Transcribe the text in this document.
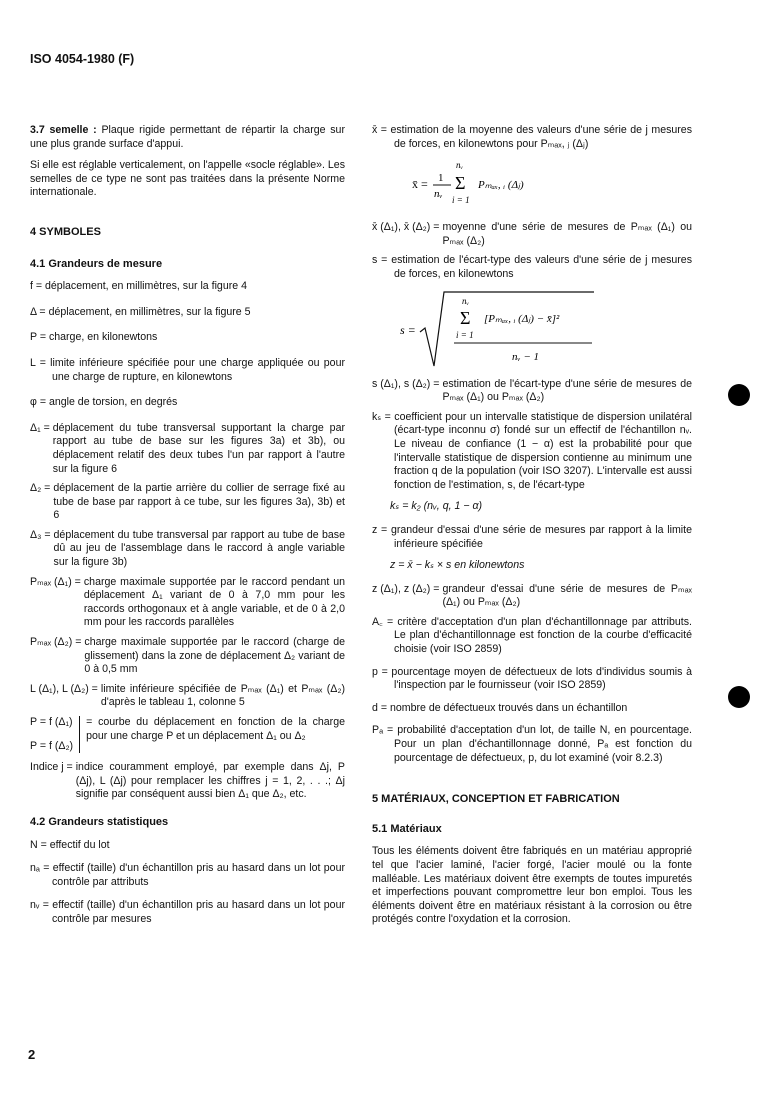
ISO 4054-1980 (F)

3.7 semelle : Plaque rigide permettant de répartir la charge sur une plus grande surface d'appui.

Si elle est réglable verticalement, on l'appelle «socle réglable». Les semelles de ce type ne sont pas traitées dans la présente Norme internationale.

4 SYMBOLES
4.1 Grandeurs de mesure

f = déplacement, en millimètres, sur la figure 4

Δ = déplacement, en millimètres, sur la figure 5

P = charge, en kilonewtons

L = limite inférieure spécifiée pour une charge appliquée ou pour une charge de rupture, en kilonewtons

φ = angle de torsion, en degrés

Δ₁ = déplacement du tube transversal supportant la charge par rapport au tube de base sur les figures 3a) et 3b), ou déplacement relatif des deux tubes l'un par rapport à l'autre sur la figure 6
Δ₂ = déplacement de la partie arrière du collier de serrage fixé au tube de base par rapport à ce tube, sur les figures 3a), 3b) et 6
Δ₃ = déplacement du tube transversal par rapport au tube de base dû au jeu de l'assemblage dans le raccord à angle variable sur la figure 3b)
Pₘₐₓ (Δ₁) = charge maximale supportée par le raccord pendant un déplacement Δ₁ variant de 0 à 7,0 mm pour les raccords orthogonaux et à angle variable, et de 0 à 2,0 mm pour les raccords parallèles
Pₘₐₓ (Δ₂) = charge maximale supportée par le raccord (charge de glissement) dans la zone de déplacement Δ₂ variant de 0 à 0,5 mm
L (Δ₁), L (Δ₂) = limite inférieure spécifiée de Pₘₐₓ (Δ₁) et Pₘₐₓ (Δ₂) d'après le tableau 1, colonne 5
P = f (Δ₁)
P = f (Δ₂)
= courbe du déplacement en fonction de la charge pour une charge P et un déplacement Δ₁ ou Δ₂
Indice j = indice couramment employé, par exemple dans Δj, P (Δj), L (Δj) pour remplacer les chiffres j = 1, 2, . . .; Δj signifie par conséquent aussi bien Δ₁ que Δ₂, etc.
4.2 Grandeurs statistiques

N = effectif du lot

nₐ = effectif (taille) d'un échantillon pris au hasard dans un lot pour contrôle par attributs

nᵥ = effectif (taille) d'un échantillon pris au hasard dans un lot pour contrôle par mesures

x̄ = estimation de la moyenne des valeurs d'une série de j mesures de forces, en kilonewtons pour Pₘₐₓ, ⱼ (Δⱼ)

x̄ = 1
nᵥ
nᵥ
Σ
i = 1
Pₘₐₓ, ᵢ (Δⱼ)
x̄ (Δ₁), x̄ (Δ₂) = moyenne d'une série de mesures de Pₘₐₓ (Δ₁) ou Pₘₐₓ (Δ₂)

s = estimation de l'écart-type des valeurs d'une série de j mesures de forces, en kilonewtons

s =
nᵥ
Σ
i = 1
[Pₘₐₓ, ᵢ (Δⱼ) − x̄]²
nᵥ − 1
s (Δ₁), s (Δ₂) = estimation de l'écart-type d'une série de mesures de Pₘₐₓ (Δ₁) ou Pₘₐₓ (Δ₂)

kₛ = coefficient pour un intervalle statistique de dispersion unilatéral (écart-type inconnu σ) fondé sur un effectif de l'échantillon nᵥ. Le niveau de confiance (1 − α) est la probabilité pour que l'intervalle statistique de dispersion contienne au minimum une fraction q de la population (voir ISO 3207). L'intervalle est aussi fonction de l'estimation, s, de l'écart-type

kₛ = k₂ (nᵥ, q, 1 − α)

z = grandeur d'essai d'une série de mesures par rapport à la limite inférieure spécifiée

z = x̄ − kₛ × s en kilonewtons
z (Δ₁), z (Δ₂) = grandeur d'essai d'une série de mesures de Pₘₐₓ (Δ₁) ou Pₘₐₓ (Δ₂)

A꜀ = critère d'acceptation d'un plan d'échantillonnage par attributs. Le plan d'échantillonnage est fonction de la courbe d'efficacité choisie (voir ISO 2859)

p = pourcentage moyen de défectueux de lots d'individus soumis à l'inspection par le fournisseur (voir ISO 2859)

d = nombre de défectueux trouvés dans un échantillon

Pₐ = probabilité d'acceptation d'un lot, de taille N, en pourcentage. Pour un plan d'échantillonnage donné, Pₐ est fonction du pourcentage de défectueux, p, du lot examiné (voir 8.2.3)

5 MATÉRIAUX, CONCEPTION ET FABRICATION
5.1 Matériaux

Tous les éléments doivent être fabriqués en un matériau approprié tel que l'acier laminé, l'acier forgé, l'acier moulé ou la fonte malléable. Les matériaux doivent être exempts de toutes impuretés et imperfections pouvant compromettre leur bon emploi. Tous les éléments doivent être en matériaux résistant à la corrosion ou être protégés contre l'oxydation et la corrosion.

2
